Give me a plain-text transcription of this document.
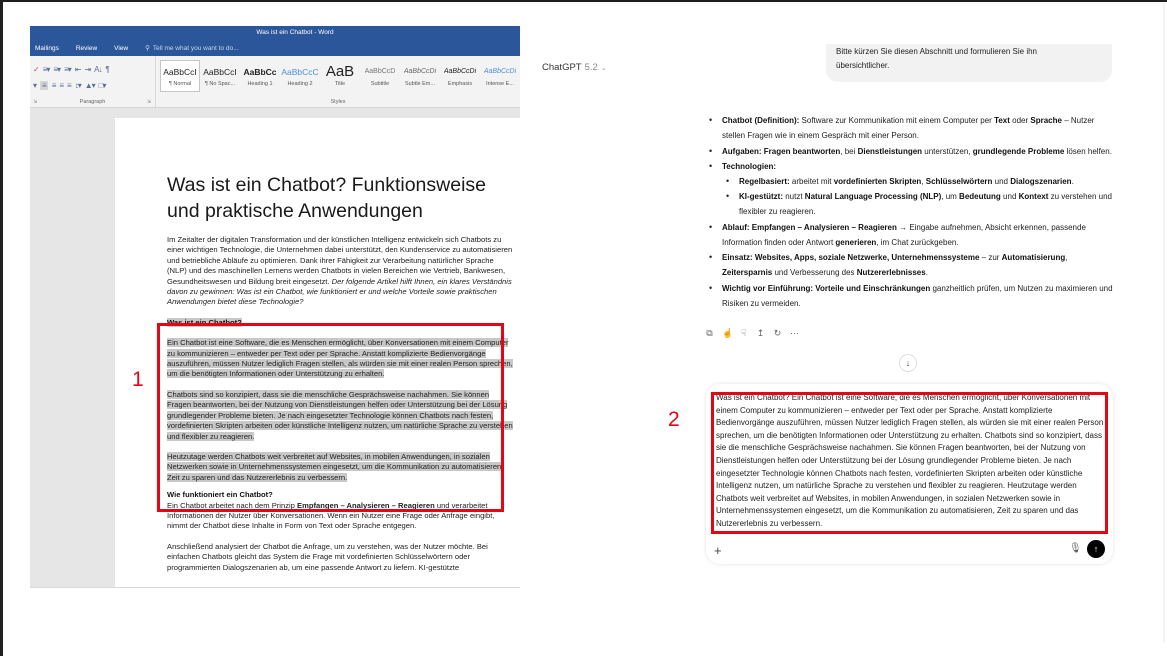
Was ist ein Chatbot - Word
Mailings	Review	View	⚲ Tell me what you want to do...
✓ ≡▾ ≡▾ ≡▾ ⇤ ⇥ A↓ ¶
▾ ≡ ≡ ≡ ≡ ↕▾ ▲▾ □▾
⇲	Paragraph	⇲
AaBbCcI
¶ Normal
AaBbCcI
¶ No Spac...
AaBbCc
Heading 1
AaBbCcC
Heading 2
AaB
Title
AaBbCcD
Subtitle
AaBbCcDi
Subtle Em...
AaBbCcDi
Emphasis
AaBbCcDi
Intense E...
Styles
Was ist ein Chatbot? Funktionsweise und praktische Anwendungen

Im Zeitalter der digitalen Transformation und der künstlichen Intelligenz entwickeln sich Chatbots zu einer wichtigen Technologie, die Unternehmen dabei unterstützt, den Kundenservice zu automatisieren und betriebliche Abläufe zu optimieren. Dank ihrer Fähigkeit zur Verarbeitung natürlicher Sprache (NLP) und des maschinellen Lernens werden Chatbots in vielen Bereichen wie Vertrieb, Bankwesen, Gesundheitswesen und Bildung breit eingesetzt. Der folgende Artikel hilft Ihnen, ein klares Verständnis davon zu gewinnen: Was ist ein Chatbot, wie funktioniert er und welche Vorteile sowie praktischen Anwendungen bietet diese Technologie?

Was ist ein Chatbot?

Ein Chatbot ist eine Software, die es Menschen ermöglicht, über Konversationen mit einem Computer zu kommunizieren – entweder per Text oder per Sprache. Anstatt komplizierte Bedienvorgänge auszuführen, müssen Nutzer lediglich Fragen stellen, als würden sie mit einer realen Person sprechen, um die benötigten Informationen oder Unterstützung zu erhalten.

Chatbots sind so konzipiert, dass sie die menschliche Gesprächsweise nachahmen. Sie können Fragen beantworten, bei der Nutzung von Dienstleistungen helfen oder Unterstützung bei der Lösung grundlegender Probleme bieten. Je nach eingesetzter Technologie können Chatbots nach festen, vordefinierten Skripten arbeiten oder künstliche Intelligenz nutzen, um natürliche Sprache zu verstehen und flexibler zu reagieren.

Heutzutage werden Chatbots weit verbreitet auf Websites, in mobilen Anwendungen, in sozialen Netzwerken sowie in Unternehmenssystemen eingesetzt, um die Kommunikation zu automatisieren, Zeit zu sparen und das Nutzererlebnis zu verbessern.

Wie funktioniert ein Chatbot?

Ein Chatbot arbeitet nach dem Prinzip Empfangen – Analysieren – Reagieren und verarbeitet Informationen der Nutzer über Konversationen. Wenn ein Nutzer eine Frage oder Anfrage eingibt, nimmt der Chatbot diese Inhalte in Form von Text oder Sprache entgegen.

Anschließend analysiert der Chatbot die Anfrage, um zu verstehen, was der Nutzer möchte. Bei einfachen Chatbots gleicht das System die Frage mit vordefinierten Schlüsselwörtern oder programmierten Dialogszenarien ab, um eine passende Antwort zu liefern. KI-gestützte

1
ChatGPT 5.2 ⌄
Bitte kürzen Sie diesen Abschnitt und formulieren Sie ihn
übersichtlicher.
• Chatbot (Definition): Software zur Kommunikation mit einem Computer per Text oder Sprache – Nutzer stellen Fragen wie in einem Gespräch mit einer Person.
• Aufgaben: Fragen beantworten, bei Dienstleistungen unterstützen, grundlegende Probleme lösen helfen.
• Technologien:
• Regelbasiert: arbeitet mit vordefinierten Skripten, Schlüsselwörtern und Dialogszenarien.
• KI-gestützt: nutzt Natural Language Processing (NLP), um Bedeutung und Kontext zu verstehen und flexibler zu reagieren.
• Ablauf: Empfangen – Analysieren – Reagieren → Eingabe aufnehmen, Absicht erkennen, passende Information finden oder Antwort generieren, im Chat zurückgeben.
• Einsatz: Websites, Apps, soziale Netzwerke, Unternehmenssysteme – zur Automatisierung, Zeitersparnis und Verbesserung des Nutzererlebnisses.
• Wichtig vor Einführung: Vorteile und Einschränkungen ganzheitlich prüfen, um Nutzen zu maximieren und Risiken zu vermeiden.
⧉ ☝ ☟ ↥ ↻ ⋯
↓
Was ist ein Chatbot? Ein Chatbot ist eine Software, die es Menschen ermöglicht, über Konversationen mit einem Computer zu kommunizieren – entweder per Text oder per Sprache. Anstatt komplizierte Bedienvorgänge auszuführen, müssen Nutzer lediglich Fragen stellen, als würden sie mit einer realen Person sprechen, um die benötigten Informationen oder Unterstützung zu erhalten. Chatbots sind so konzipiert, dass sie die menschliche Gesprächsweise nachahmen. Sie können Fragen beantworten, bei der Nutzung von Dienstleistungen helfen oder Unterstützung bei der Lösung grundlegender Probleme bieten. Je nach eingesetzter Technologie können Chatbots nach festen, vordefinierten Skripten arbeiten oder künstliche Intelligenz nutzen, um natürliche Sprache zu verstehen und flexibler zu reagieren. Heutzutage werden Chatbots weit verbreitet auf Websites, in mobilen Anwendungen, in sozialen Netzwerken sowie in Unternehmenssystemen eingesetzt, um die Kommunikation zu automatisieren, Zeit zu sparen und das Nutzererlebnis zu verbessern.
2
+	🎙 ↑
